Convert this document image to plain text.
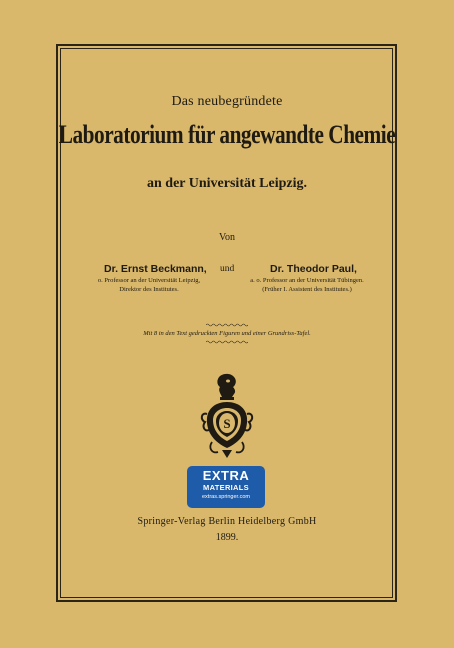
Das neubegründete
Laboratorium für angewandte Chemie
an der Universität Leipzig.
Von
Dr. Ernst Beckmann, und	Dr. Theodor Paul,
o. Professor an der Universität Leipzig,
Direktor des Institutes.
a. o. Professor an der Universität Tübingen.
(Früher I. Assistent des Institutes.)
Mit 8 in den Text gedruckten Figuren und einer Grundriss-Tafel.
S
EXTRA
MATERIALS
extras.springer.com
Springer-Verlag Berlin Heidelberg GmbH
1899.
